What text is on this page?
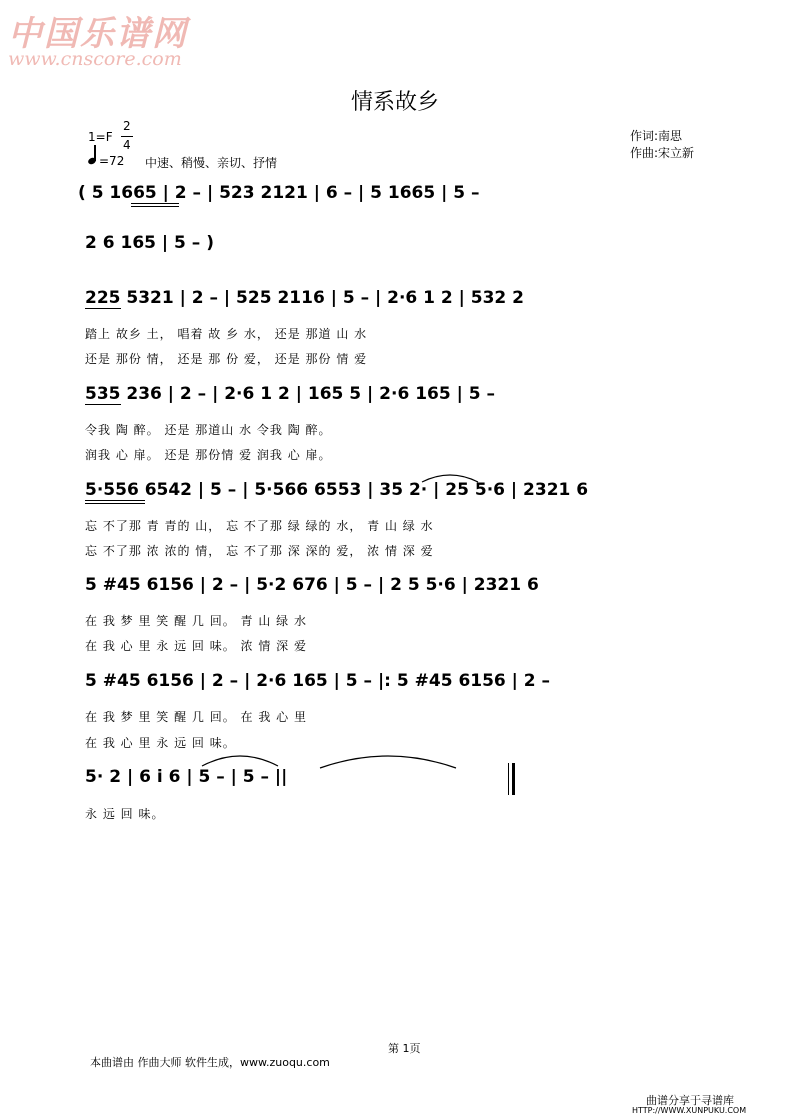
中国乐谱网
www.cnscore.com
情系故乡
1=F
2
4
=72 中速、稍慢、亲切、抒情
作词:南思
作曲:宋立新
( 5 1665 | 2 – | 523 2121 | 6 – | 5 1665 | 5 –
2 6 165 | 5 – )
225 5321 | 2 – | 525 2116 | 5 – | 2·6 1 2 | 532 2
踏上 故乡 土， 唱着 故 乡 水， 还是 那道 山 水
还是 那份 情， 还是 那 份 爱， 还是 那份 情 爱
535 236 | 2 – | 2·6 1 2 | 165 5 | 2·6 165 | 5 –
令我 陶 醉。 还是 那道山 水 令我 陶 醉。
润我 心 扉。 还是 那份情 爱 润我 心 扉。
5·556 6542 | 5 – | 5·566 6553 | 35 2· | 25 5·6 | 2321 6
忘 不了那 青 青的 山， 忘 不了那 绿 绿的 水， 青 山 绿 水
忘 不了那 浓 浓的 情， 忘 不了那 深 深的 爱， 浓 情 深 爱
5 #45 6156 | 2 – | 5·2 676 | 5 – | 2 5 5·6 | 2321 6
在 我 梦 里 笑 醒 几 回。 青 山 绿 水
在 我 心 里 永 远 回 味。 浓 情 深 爱
5 #45 6156 | 2 – | 2·6 165 | 5 – |: 5 #45 6156 | 2 –
在 我 梦 里 笑 醒 几 回。 在 我 心 里
在 我 心 里 永 远 回 味。
5· 2 | 6 i 6 | 5 – | 5 – ||
永 远 回 味。
第 1页
本曲谱由 作曲大师 软件生成，www.zuoqu.com
曲谱分享于寻谱库
HTTP://WWW.XUNPUKU.COM
